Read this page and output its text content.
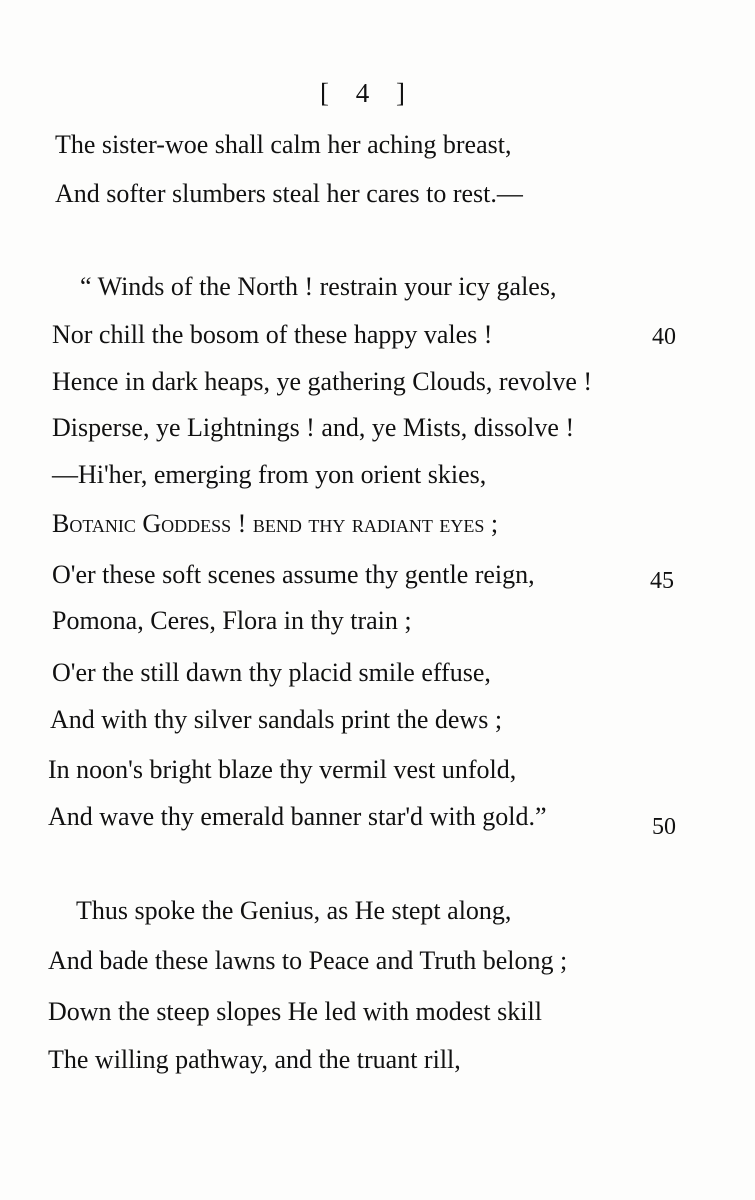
[ 4 ]
The sister-woe shall calm her aching breast,
And softer slumbers steal her cares to rest.—
“ Winds of the North ! restrain your icy gales,
Nor chill the bosom of these happy vales !	40
Hence in dark heaps, ye gathering Clouds, revolve !
Disperse, ye Lightnings ! and, ye Mists, dissolve !
—Hi'her, emerging from yon orient skies,
Botanic Goddess ! bend thy radiant eyes ;
O'er these soft scenes assume thy gentle reign,	45
Pomona, Ceres, Flora in thy train ;
O'er the still dawn thy placid smile effuse,
And with thy silver sandals print the dews ;
In noon's bright blaze thy vermil vest unfold,
And wave thy emerald banner star'd with gold.”	50
Thus spoke the Genius, as He stept along,
And bade these lawns to Peace and Truth belong ;
Down the steep slopes He led with modest skill
The willing pathway, and the truant rill,
